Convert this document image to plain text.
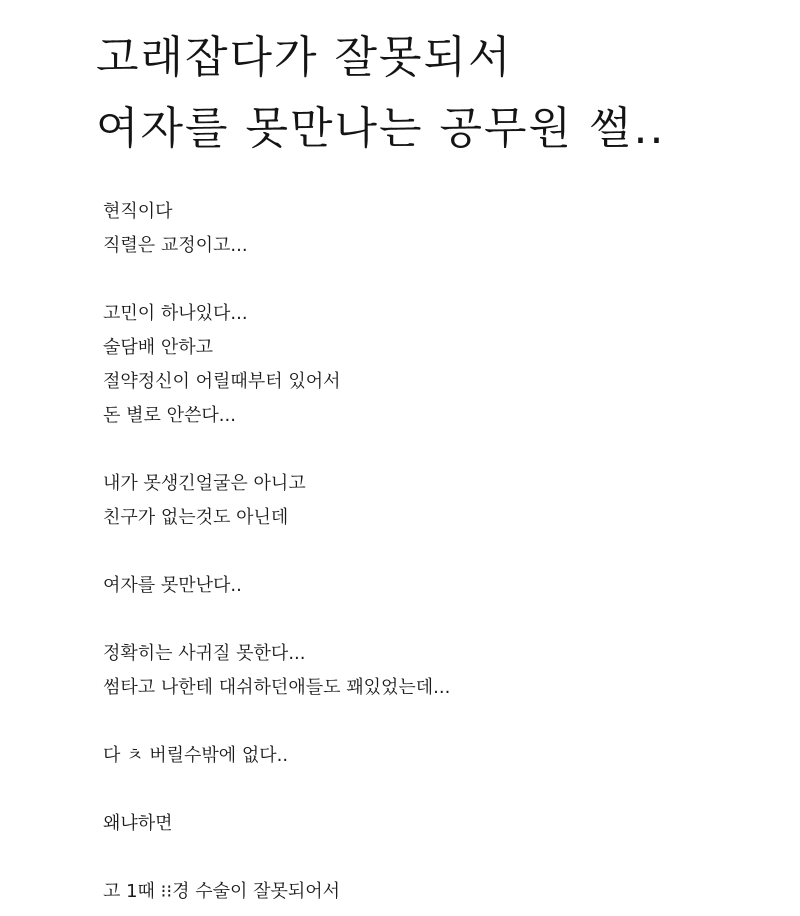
고래잡다가 잘못되서
여자를 못만나는 공무원 썰..
현직이다
직렬은 교정이고...
고민이 하나있다...
술담배 안하고
절약정신이 어릴때부터 있어서
돈 별로 안쓴다...
내가 못생긴얼굴은 아니고
친구가 없는것도 아닌데
여자를 못만난다..
정확히는 사귀질 못한다...
썸타고 나한테 대쉬하던애들도 꽤있었는데...
다 ㅊ 버릴수밖에 없다..
왜냐하면
고 1때 ⁝⁝경 수술이 잘못되어서
